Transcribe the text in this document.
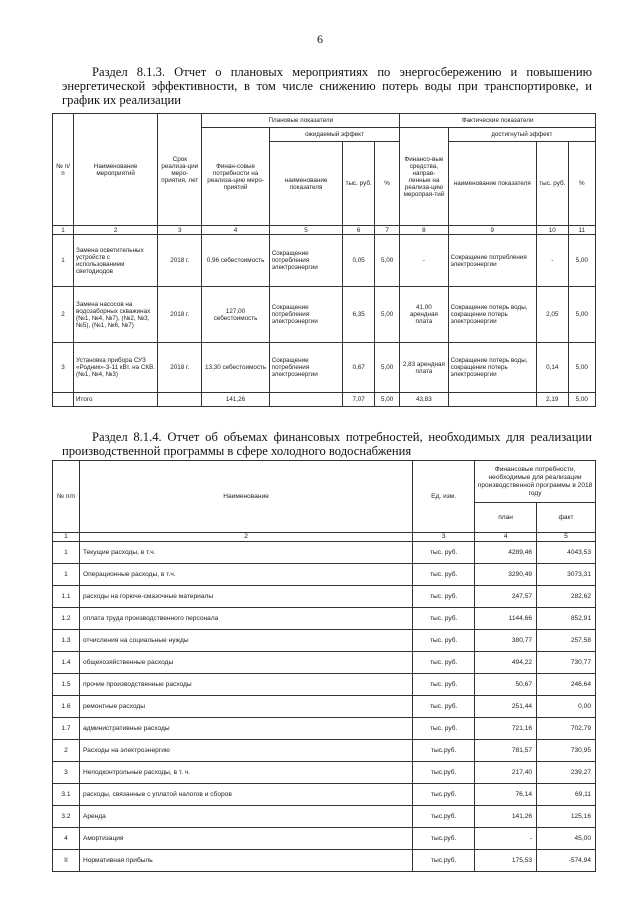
6
Раздел 8.1.3. Отчет о плановых мероприятиях по энергосбережению и повышению энергетической эффективности, в том числе снижению потерь воды при транспортировке, и график их реализации
№ п/п	Наименование мероприятий	Срок реализа-ции меро-приятия, лет	Плановые показатели				Фактические показатели			
			Финан-совые потребности на реализа-цию меро-приятий	ожидаемый эффект			Финансо-вые средства, направ-ленные на реализа-цию меропрая-тий	достигнутый эффект		
				наименование показателя	тыс. руб.	%		наименование показателя	тыс. руб.	%
1	2	3	4	5	6	7	8	9	10	11
1	Замена осветительных устройств с использованием светодиодов	2018 г.	0,96 себестоимость	Сокращение потребления электроэнергии	0,05	5,00	-	Сокращение потребления электроэнергии	-	5,00
2	Замена насосов на водозаборных скважинах (№1, №4, №7), (№2, №3, №5), (№1, №6, №7)	2018 г.	127,00 себестоимость	Сокращение потребления электроэнергии	6,35	5,00	41,00 арендная плата	Сокращение потерь воды, сокращение потерь электроэнергии	2,05	5,00
3	Установка прибора СУЗ «Родник»-3-11 кВт. на СКВ. (№1, №4, №3)	2018 г.	13,30 себестоимость	Сокращение потребления электроэнергии	0,67	5,00	2,83 арендная плата	Сокращение потерь воды, сокращение потерь электроэнергии	0,14	5,00
	Итого		141,26		7,07	5,00	43,83		2,19	5,00
Раздел 8.1.4. Отчет об объемах финансовых потребностей, необходимых для реализации производственной программы в сфере холодного водоснабжения
№ п/п	Наименование	Ед. изм.	Финансовые потребности, необходимые для реализации производственной программы в 2018 году	
			план	факт
1	2	3	4	5
1	Текущие расходы, в т.ч.	тыс. руб.	4289,46	4043,53
1	Операционные расходы, в т.ч.	тыс. руб.	3290,49	3073,31
1.1	расходы на горюче-смазочные материалы	тыс. руб.	247,57	282,62
1.2	оплата труда производственного персонала	тыс. руб.	1144,66	852,91
1.3	отчисления на социальные нужды	тыс. руб.	380,77	257,58
1.4	общехозяйственные расходы	тыс. руб.	494,22	730,77
1.5	прочие производственные расходы	тыс. руб.	50,67	246,64
1.6	ремонтные расходы	тыс. руб.	251,44	0,00
1.7	административные расходы	тыс. руб.	721,16	702,79
2	Расходы на электроэнергию	тыс.руб.	781,57	730,95
3	Неподконтрольные расходы, в т. ч.	тыс.руб.	217,40	239,27
3.1	расходы, связанные с уплатой налогов и сборов	тыс.руб.	76,14	69,11
3.2	Аренда	тыс.руб.	141,26	125,16
4	Амортизация	тыс.руб.	-	45,00
II	Нормативная прибыль	тыс.руб.	175,53	-574,94
